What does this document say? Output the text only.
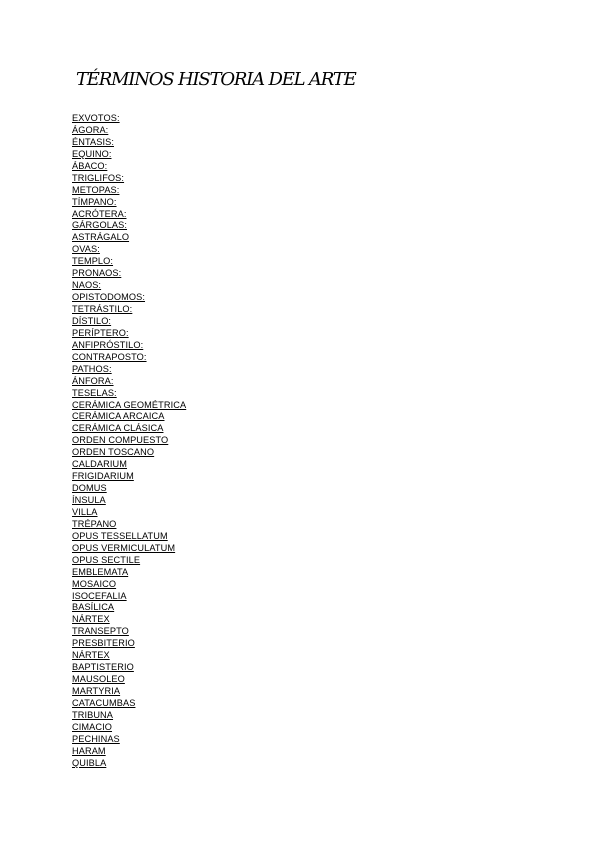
TÉRMINOS HISTORIA DEL ARTE
EXVOTOS:
ÁGORA:
ÉNTASIS:
EQUINO:
ÁBACO:
TRIGLIFOS:
METOPAS:
TÍMPANO:
ACRÓTERA:
GÁRGOLAS:
ASTRÁGALO
OVAS:
TEMPLO:
PRONAOS:
NAOS:
OPISTODOMOS:
TETRÁSTILO:
DÍSTILO:
PERÍPTERO:
ANFIPRÓSTILO:
CONTRAPOSTO:
PATHOS:
ÁNFORA:
TESELAS:
CERÁMICA GEOMÉTRICA
CERÁMICA ARCAICA
CERÁMICA CLÁSICA
ORDEN COMPUESTO
ORDEN TOSCANO
CALDARIUM
FRIGIDARIUM
DOMUS
ÍNSULA
VILLA
TRÉPANO
OPUS TESSELLATUM
OPUS VERMICULATUM
OPUS SECTILE
EMBLEMATA
MOSAICO
ISOCEFALIA
BASÍLICA
NÁRTEX
TRANSEPTO
PRESBITERIO
NÁRTEX
BAPTISTERIO
MAUSOLEO
MARTYRIA
CATACUMBAS
TRIBUNA
CIMACIO
PECHINAS
HARAM
QUIBLA
